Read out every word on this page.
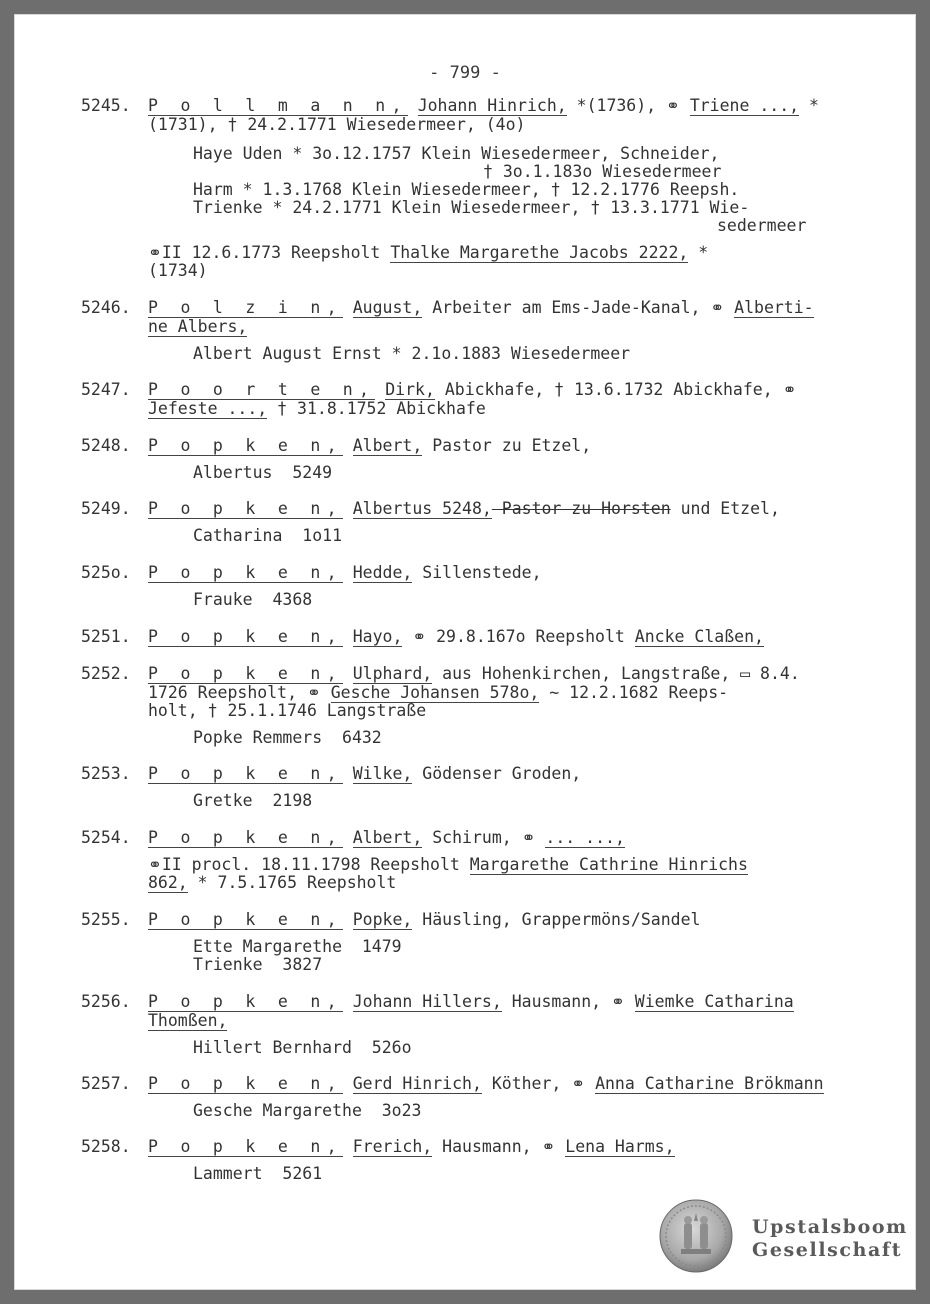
- 799 -
5245. P o l l m a n n, Johann Hinrich, *(1736), ⚭ Triene ..., *
(1731), † 24.2.1771 Wiesedermeer, (4o)
Haye Uden * 3o.12.1757 Klein Wiesedermeer, Schneider,
† 3o.1.183o Wiesedermeer
Harm * 1.3.1768 Klein Wiesedermeer, † 12.2.1776 Reepsh.
Trienke * 24.2.1771 Klein Wiesedermeer, † 13.3.1771 Wie-
sedermeer
⚭II 12.6.1773 Reepsholt Thalke Margarethe Jacobs 2222, *
(1734)
5246. P o l z i n, August, Arbeiter am Ems-Jade-Kanal, ⚭ Alberti-
ne Albers,
Albert August Ernst * 2.1o.1883 Wiesedermeer
5247. P o o r t e n, Dirk, Abickhafe, † 13.6.1732 Abickhafe, ⚭
Jefeste ..., † 31.8.1752 Abickhafe
5248. P o p k e n, Albert, Pastor zu Etzel,
Albertus  5249
5249. P o p k e n, Albertus 5248, Pastor zu Horsten und Etzel,
Catharina  1o11
525o. P o p k e n, Hedde, Sillenstede,
Frauke  4368
5251. P o p k e n, Hayo, ⚭ 29.8.167o Reepsholt Ancke Claßen,
5252. P o p k e n, Ulphard, aus Hohenkirchen, Langstraße, ▭ 8.4.
1726 Reepsholt, ⚭ Gesche Johansen 578o, ~ 12.2.1682 Reeps-
holt, † 25.1.1746 Langstraße
Popke Remmers  6432
5253. P o p k e n, Wilke, Gödenser Groden,
Gretke  2198
5254. P o p k e n, Albert, Schirum, ⚭ ... ...,
⚭II procl. 18.11.1798 Reepsholt Margarethe Cathrine Hinrichs
862, * 7.5.1765 Reepsholt
5255. P o p k e n, Popke, Häusling, Grappermöns/Sandel
Ette Margarethe  1479
Trienke  3827
5256. P o p k e n, Johann Hillers, Hausmann, ⚭ Wiemke Catharina
Thomßen,
Hillert Bernhard  526o
5257. P o p k e n, Gerd Hinrich, Köther, ⚭ Anna Catharine Brökmann
Gesche Margarethe  3o23
5258. P o p k e n, Frerich, Hausmann, ⚭ Lena Harms,
Lammert  5261
Upstalsboom
Gesellschaft
